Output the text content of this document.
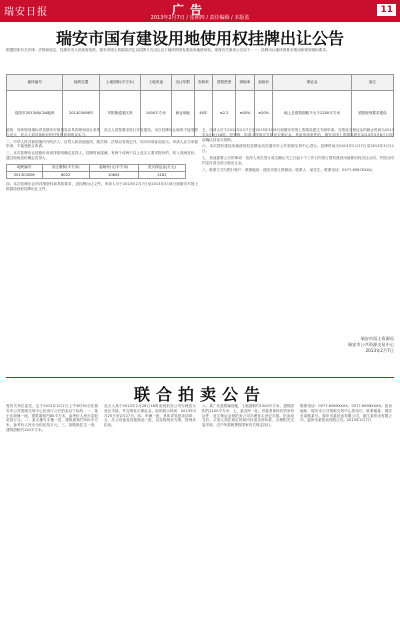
瑞安日报	广告
2013年2月7日 / 星期四 / 责任编辑 / 本版监
11
瑞安市国有建设用地使用权挂牌出让公告
根据国家有关法律、法规和规定，经瑞安市人民政府批准，瑞安市国土资源局决定以挂牌方式出让以下地块的国有建设用地使用权。现将有关事项公告如下：一、挂牌出让地块的基本情况和规划指标要求。
地块编号	地块位置	土地面积(平方米)	土地用途	出让年限	容积率	建筑密度	绿地率	起始价	保证金	备注
瑞安市2013(B)C04地块	2013C0006号	安阳街道某区块	1000平方米	商业用地	40年	≤2.2	≤45%	≥20%	地上总建筑面积不大于2200平方米	须按规划要求建设
说明：具体规划指标详见瑞安市规划局出具的规划设计条件，竞买人须按要求进行开发建设。本次挂牌出让地块不接受联合竞买，竞买人须具备相应的开发资质和资金实力。
二、中华人民共和国境内外的法人、自然人和其他组织，除法律、法规另有规定外，均可申请参加竞买。申请人应当单独申请，不接受联合申请。
三、本次挂牌出让按照价高者得原则确定竞得人。挂牌时间届满，有两个或两个以上竞买人要求报价的，转入现场竞价，通过现场竞价确定竞得人。
地块编号	出让面积(平方米)	起始价(元/平方米)	竞买保证金(万元)
2013C0006	6022	10803	2181
四、本次挂牌出让的详细资料和具体要求，见挂牌出让文件。申请人可于2013年2月7日至2013年3月8日到瑞安市国土资源局获取挂牌出让文件。
五、申请人可于2013年2月7日至2013年3月8日到瑞安市国土资源局提交书面申请。交纳竞买保证金的截止时间为2013年3月8日16时。经审核，申请人按规定交纳竞买保证金，具备申请条件的，瑞安市国土资源局将在2013年3月8日17时前确认其竞买资格。
六、本次国有建设用地使用权挂牌活动在瑞安市公共资源交易中心进行。挂牌时间为2013年2月27日至2013年3月11日。
七、其他需要公告的事项：竞得人须在签订成交确认书之日起十个工作日内签订国有建设用地使用权出让合同，并按合同约定付清全部土地出让金。
八、联系方式与银行账户：联系地址：瑞安市国土资源局；联系人：某先生；联系电话：0577-6587XXXX。
瑞安市国土资源局
瑞安市公共资源交易中心
2013年2月7日
联合拍卖公告
受有关单位委托，定于2013年3月1日上午9时30分在瑞安市公共资源交易中心拍卖厅公开拍卖以下标的：一、某小区商铺一间，建筑面积约85平方米，参考价人民币壹佰贰拾万元；二、某大楼写字楼一层，建筑面积约320平方米，参考价人民币叁佰伍拾万元；三、某路段住宅一套，建筑面积约120平方米。
竞买人须于2013年2月28日16时前到拍卖公司办理竞买登记手续，并交纳竞买保证金。标的展示时间：2013年2月25日至2月27日。四、车辆一批，具体详见拍卖清单；五、办公设备及其他物品一批，以实物现状为准，按现状拍卖。
六、某厂房及附属设施，土地面积约1500平方米，建筑面积约2100平方米；七、某仓库一处。有意者请持有效身份证件、竞买保证金到拍卖公司办理竞买登记手续。拍卖成交后，买受人须在规定时间内付清全部价款，办理相关交接手续，过户所需税费按国家有关规定执行。
联系电话：0577-6589XXXX、0577-6598XXXX。拍卖地址：瑞安市公共资源交易中心拍卖厅。联系地址：瑞安市某路某号。瑞安市某拍卖有限公司，浙江某拍卖有限公司，温州市某拍卖有限公司。2013年2月7日
